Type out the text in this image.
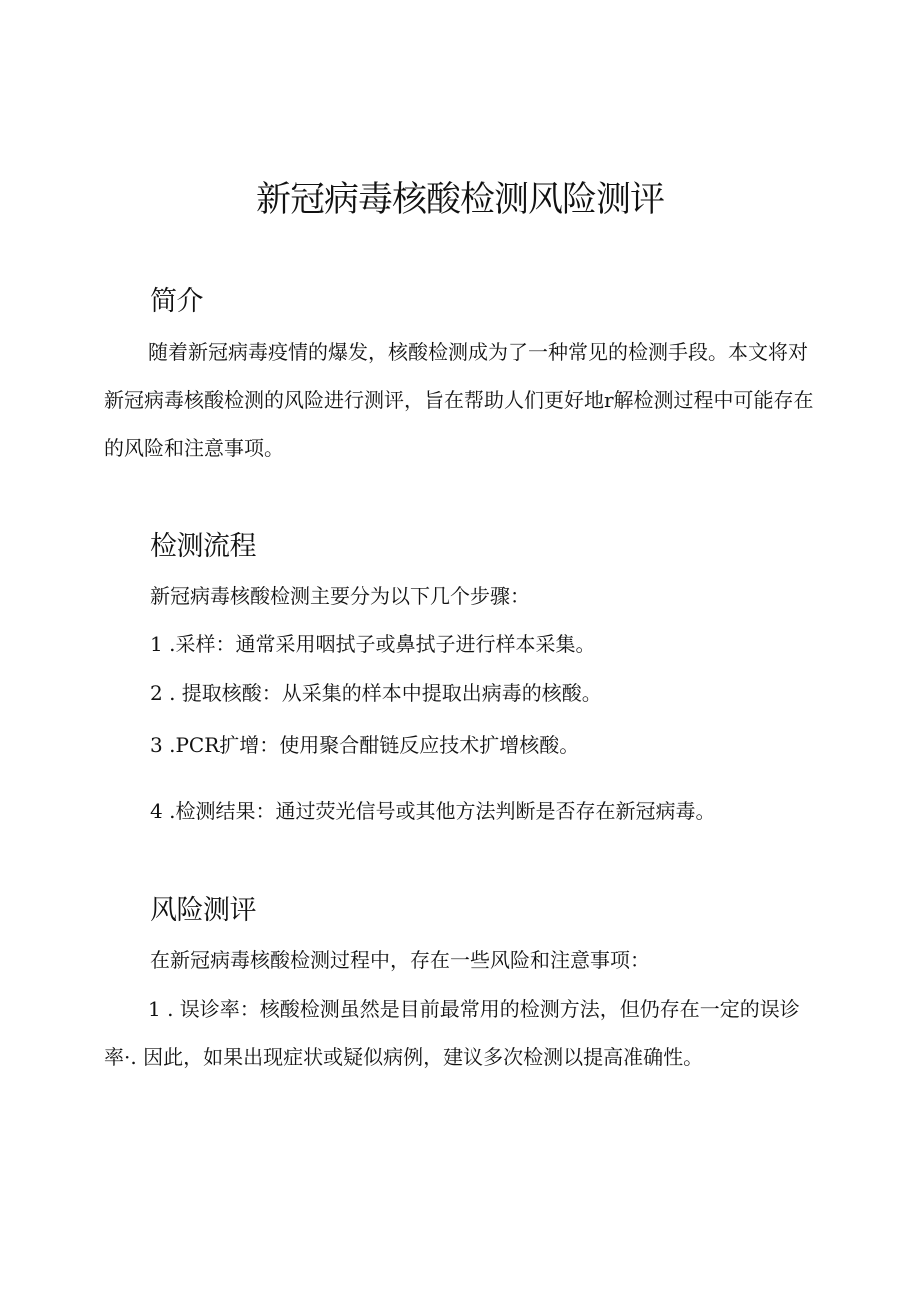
新冠病毒核酸检测风险测评
简介

随着新冠病毒疫情的爆发，核酸检测成为了一种常见的检测手段。本文将对新冠病毒核酸检测的风险进行测评，旨在帮助人们更好地r解检测过程中可能存在的风险和注意事项。

检测流程

新冠病毒核酸检测主要分为以下几个步骤：

1 .采样：通常采用咽拭子或鼻拭子进行样本采集。

2 . 提取核酸：从采集的样本中提取出病毒的核酸。

3 .PCR扩增：使用聚合酣链反应技术扩增核酸。

4 .检测结果：通过荧光信号或其他方法判断是否存在新冠病毒。

风险测评

在新冠病毒核酸检测过程中，存在一些风险和注意事项：

1 . 误诊率：核酸检测虽然是目前最常用的检测方法，但仍存在一定的误诊率·. 因此，如果出现症状或疑似病例，建议多次检测以提高准确性。
